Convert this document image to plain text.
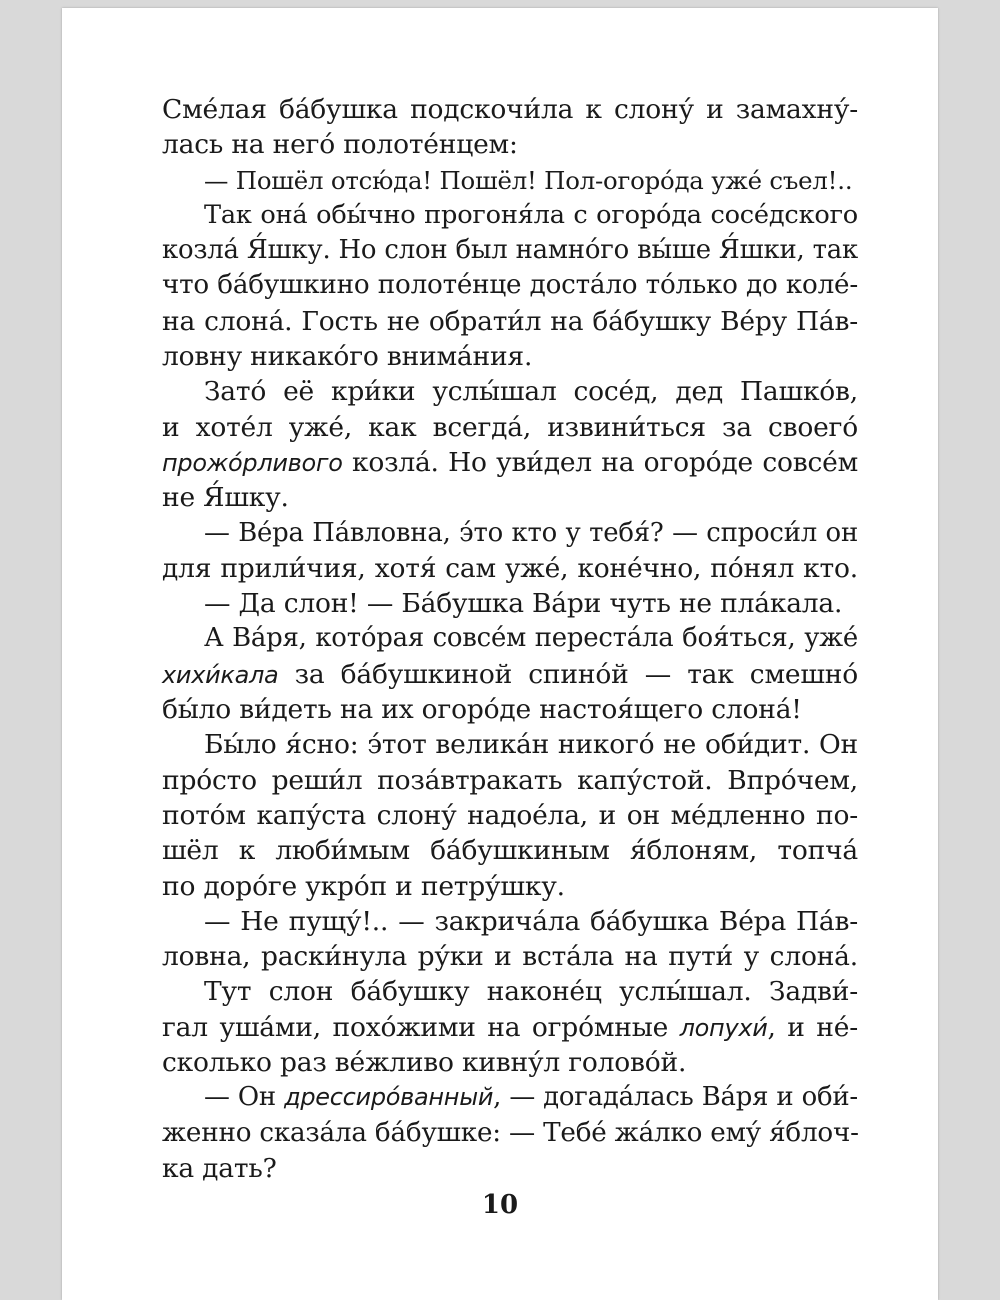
Сме́лая ба́бушка подскочи́ла к слону́ и замахну́-
лась на него́ полоте́нцем:
— Пошёл отсю́да! Пошёл! Пол-огоро́да уже́ съел!..
Так она́ обы́чно прогоня́ла с огоро́да сосе́дского
козла́ Я́шку. Но слон был намно́го вы́ше Я́шки, так
что ба́бушкино полоте́нце доста́ло то́лько до коле́-
на слона́. Гость не обрати́л на ба́бушку Ве́ру Па́в-
ловну никако́го внима́ния.
Зато́ её кри́ки услы́шал сосе́д, дед Пашко́в,
и хоте́л уже́, как всегда́, извини́ться за своего́
прожо́рливого козла́. Но уви́дел на огоро́де совсе́м
не Я́шку.
— Ве́ра Па́вловна, э́то кто у тебя́? — спроси́л он
для прили́чия, хотя́ сам уже́, коне́чно, по́нял кто.
— Да слон! — Ба́бушка Ва́ри чуть не пла́кала.
А Ва́ря, кото́рая совсе́м переста́ла боя́ться, уже́
хихи́кала за ба́бушкиной спино́й — так смешно́
бы́ло ви́деть на их огоро́де настоя́щего слона́!
Бы́ло я́сно: э́тот велика́н никого́ не оби́дит. Он
про́сто реши́л поза́втракать капу́стой. Впро́чем,
пото́м капу́ста слону́ надое́ла, и он ме́дленно по-
шёл к люби́мым ба́бушкиным я́блоням, топча́
по доро́ге укро́п и петру́шку.
— Не пущу́!.. — закрича́ла ба́бушка Ве́ра Па́в-
ловна, раски́нула ру́ки и вста́ла на пути́ у слона́.
Тут слон ба́бушку наконе́ц услы́шал. Задви́-
гал уша́ми, похо́жими на огро́мные лопухи́, и не́-
сколько раз ве́жливо кивну́л голово́й.
— Он дрессиро́ванный, — догада́лась Ва́ря и оби́-
женно сказа́ла ба́бушке: — Тебе́ жа́лко ему́ я́блоч-
ка дать?
10
